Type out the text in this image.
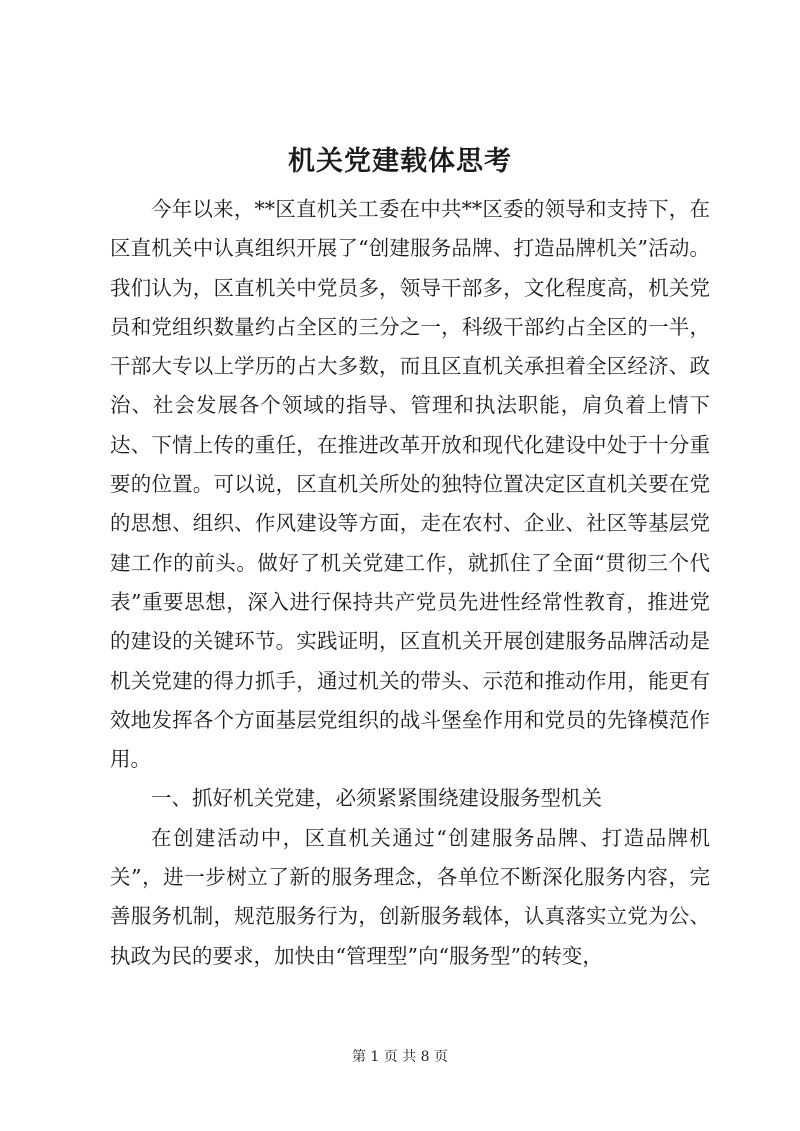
机关党建载体思考

今年以来，**区直机关工委在中共**区委的领导和支持下，在区直机关中认真组织开展了“创建服务品牌、打造品牌机关”活动。我们认为，区直机关中党员多，领导干部多，文化程度高，机关党员和党组织数量约占全区的三分之一，科级干部约占全区的一半，干部大专以上学历的占大多数，而且区直机关承担着全区经济、政治、社会发展各个领域的指导、管理和执法职能，肩负着上情下达、下情上传的重任，在推进改革开放和现代化建设中处于十分重要的位置。可以说，区直机关所处的独特位置决定区直机关要在党的思想、组织、作风建设等方面，走在农村、企业、社区等基层党建工作的前头。做好了机关党建工作，就抓住了全面“贯彻三个代表”重要思想，深入进行保持共产党员先进性经常性教育，推进党的建设的关键环节。实践证明，区直机关开展创建服务品牌活动是机关党建的得力抓手，通过机关的带头、示范和推动作用，能更有效地发挥各个方面基层党组织的战斗堡垒作用和党员的先锋模范作用。

一、抓好机关党建，必须紧紧围绕建设服务型机关

在创建活动中，区直机关通过“创建服务品牌、打造品牌机关”，进一步树立了新的服务理念，各单位不断深化服务内容，完善服务机制，规范服务行为，创新服务载体，认真落实立党为公、执政为民的要求，加快由“管理型”向“服务型”的转变，

第 1 页 共 8 页
